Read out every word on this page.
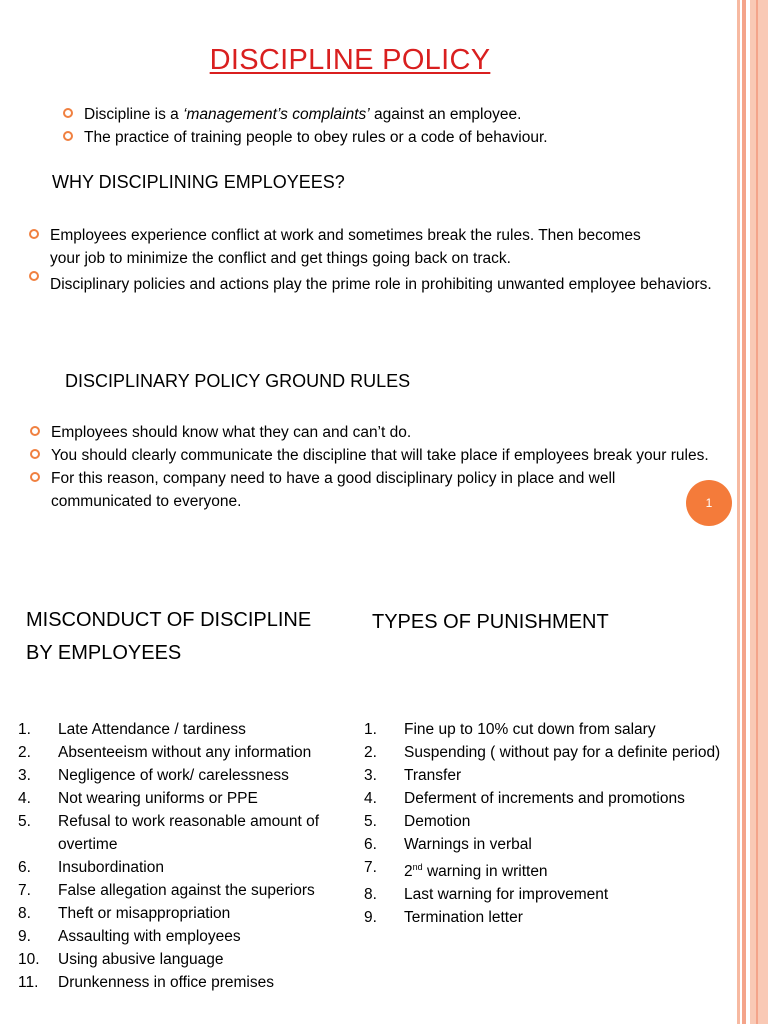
DISCIPLINE POLICY
Discipline is a ‘management’s complaints’ against an employee.
The practice of training people to obey rules or a code of behaviour.
WHY DISCIPLINING EMPLOYEES?
Employees experience conflict at work and sometimes break the rules. Then becomes your job to minimize the conflict and get things going back on track.
Disciplinary policies and actions play the prime role in prohibiting unwanted employee behaviors.
DISCIPLINARY POLICY GROUND RULES
Employees should know what they can and can’t do.
You should clearly communicate the discipline that will take place if employees break your rules.
For this reason, company need to have a good disciplinary policy in place and well communicated to everyone.	1
MISCONDUCT OF DISCIPLINE BY EMPLOYEES
TYPES OF PUNISHMENT
1. Late Attendance / tardiness
2. Absenteeism without any information
3. Negligence of work/ carelessness
4. Not wearing uniforms or PPE
5. Refusal to work reasonable amount of overtime
6. Insubordination
7. False allegation against the superiors
8. Theft or misappropriation
9. Assaulting with employees
10. Using abusive language
11. Drunkenness in office premises
1. Fine up to 10% cut down from salary
2. Suspending ( without pay for a definite period)
3. Transfer
4. Deferment of increments and promotions
5. Demotion
6. Warnings in verbal
7. 2nd warning in written
8. Last warning for improvement
9. Termination letter
